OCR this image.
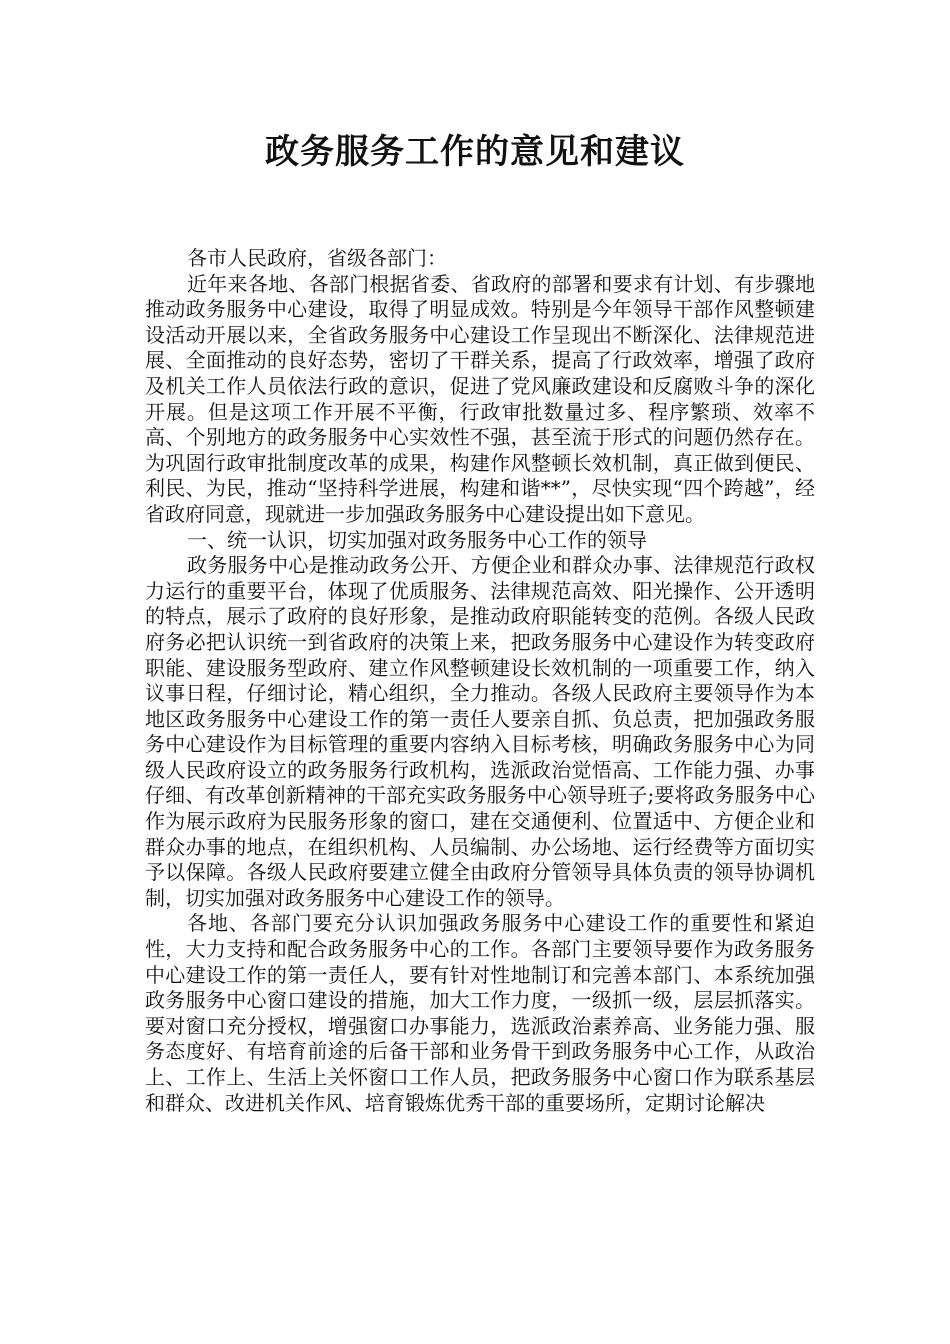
政务服务工作的意见和建议

各市人民政府，省级各部门：

近年来各地、各部门根据省委、省政府的部署和要求有计划、有步骤地推动政务服务中心建设，取得了明显成效。特别是今年领导干部作风整顿建设活动开展以来，全省政务服务中心建设工作呈现出不断深化、法律规范进展、全面推动的良好态势，密切了干群关系，提高了行政效率，增强了政府及机关工作人员依法行政的意识，促进了党风廉政建设和反腐败斗争的深化开展。但是这项工作开展不平衡，行政审批数量过多、程序繁琐、效率不高、个别地方的政务服务中心实效性不强，甚至流于形式的问题仍然存在。为巩固行政审批制度改革的成果，构建作风整顿长效机制，真正做到便民、利民、为民，推动“坚持科学进展，构建和谐**”，尽快实现“四个跨越”，经省政府同意，现就进一步加强政务服务中心建设提出如下意见。

一、统一认识，切实加强对政务服务中心工作的领导

政务服务中心是推动政务公开、方便企业和群众办事、法律规范行政权力运行的重要平台，体现了优质服务、法律规范高效、阳光操作、公开透明的特点，展示了政府的良好形象，是推动政府职能转变的范例。各级人民政府务必把认识统一到省政府的决策上来，把政务服务中心建设作为转变政府职能、建设服务型政府、建立作风整顿建设长效机制的一项重要工作，纳入议事日程，仔细讨论，精心组织，全力推动。各级人民政府主要领导作为本地区政务服务中心建设工作的第一责任人要亲自抓、负总责，把加强政务服务中心建设作为目标管理的重要内容纳入目标考核，明确政务服务中心为同级人民政府设立的政务服务行政机构，选派政治觉悟高、工作能力强、办事仔细、有改革创新精神的干部充实政务服务中心领导班子;要将政务服务中心作为展示政府为民服务形象的窗口，建在交通便利、位置适中、方便企业和群众办事的地点，在组织机构、人员编制、办公场地、运行经费等方面切实予以保障。各级人民政府要建立健全由政府分管领导具体负责的领导协调机制，切实加强对政务服务中心建设工作的领导。

各地、各部门要充分认识加强政务服务中心建设工作的重要性和紧迫性，大力支持和配合政务服务中心的工作。各部门主要领导要作为政务服务中心建设工作的第一责任人，要有针对性地制订和完善本部门、本系统加强政务服务中心窗口建设的措施，加大工作力度，一级抓一级，层层抓落实。要对窗口充分授权，增强窗口办事能力，选派政治素养高、业务能力强、服务态度好、有培育前途的后备干部和业务骨干到政务服务中心工作，从政治上、工作上、生活上关怀窗口工作人员，把政务服务中心窗口作为联系基层和群众、改进机关作风、培育锻炼优秀干部的重要场所，定期讨论解决
